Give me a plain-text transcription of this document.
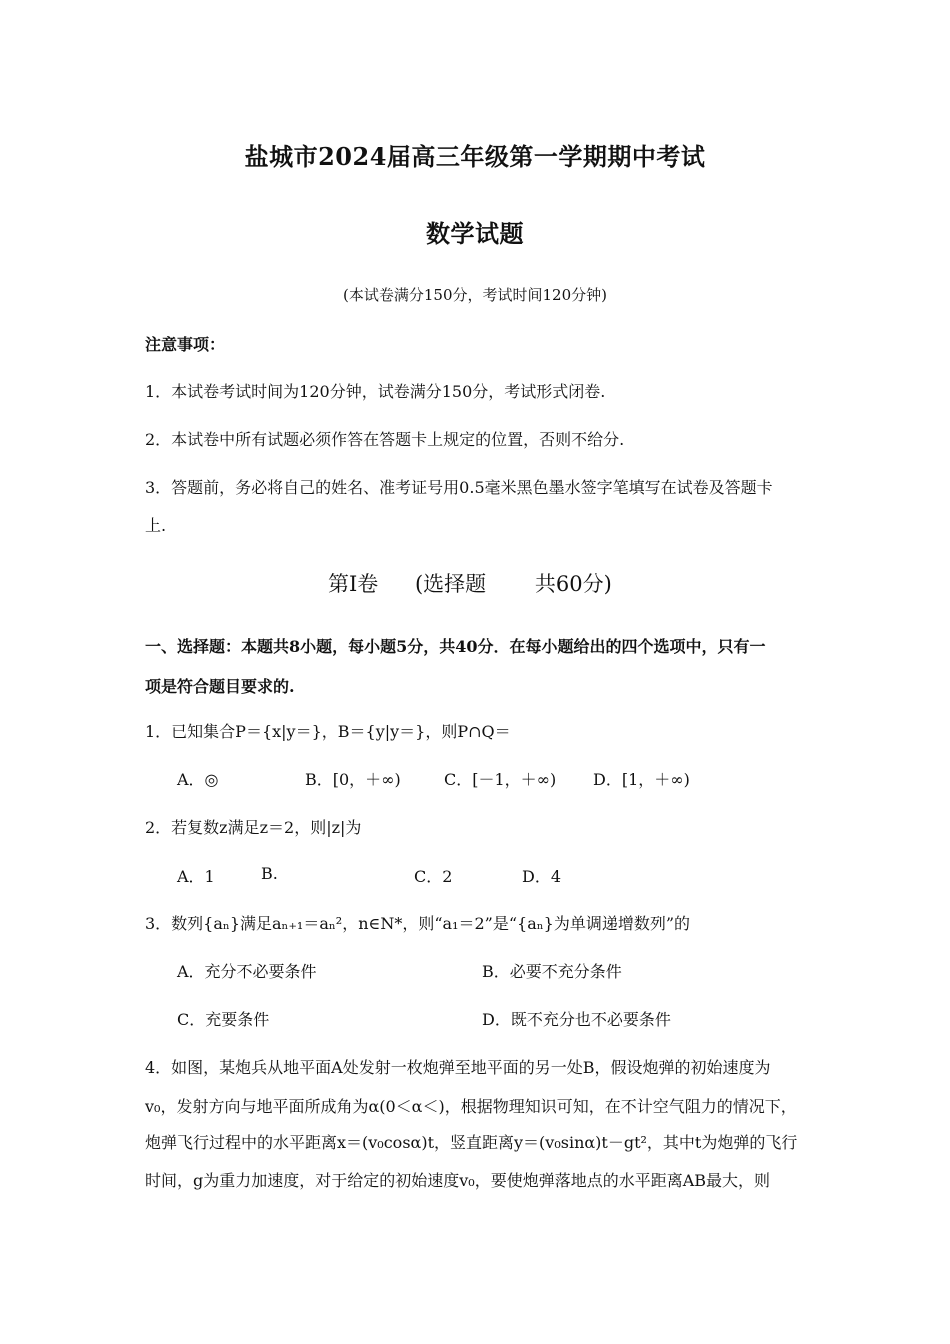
盐城市2024届高三年级第一学期期中考试
数学试题
(本试卷满分150分，考试时间120分钟)
注意事项：
1．本试卷考试时间为120分钟，试卷满分150分，考试形式闭卷.
2．本试卷中所有试题必须作答在答题卡上规定的位置，否则不给分.
3．答题前，务必将自己的姓名、准考证号用0.5毫米黑色墨水签字笔填写在试卷及答题卡
上.
第I卷 (选择题 共60分)
一、选择题：本题共8小题，每小题5分，共40分．在每小题给出的四个选项中，只有一
项是符合题目要求的.
1．已知集合P＝{x|y＝}，B＝{y|y＝}，则P∩Q＝
A．◎	B．[0，＋∞)	C．[－1，＋∞) D．[1，＋∞)
2．若复数z满足z＝2，则|z|为
A．1	B.	C．2	D．4
3．数列{aₙ}满足aₙ₊₁＝aₙ²，n∈N*，则“a₁＝2”是“{aₙ}为单调递增数列”的
A．充分不必要条件	B．必要不充分条件
C．充要条件	D．既不充分也不必要条件
4．如图，某炮兵从地平面A处发射一枚炮弹至地平面的另一处B，假设炮弹的初始速度为
v₀，发射方向与地平面所成角为α(0＜α＜)，根据物理知识可知，在不计空气阻力的情况下，
炮弹飞行过程中的水平距离x＝(v₀cosα)t，竖直距离y＝(v₀sinα)t－gt²，其中t为炮弹的飞行
时间，g为重力加速度，对于给定的初始速度v₀，要使炮弹落地点的水平距离AB最大，则
